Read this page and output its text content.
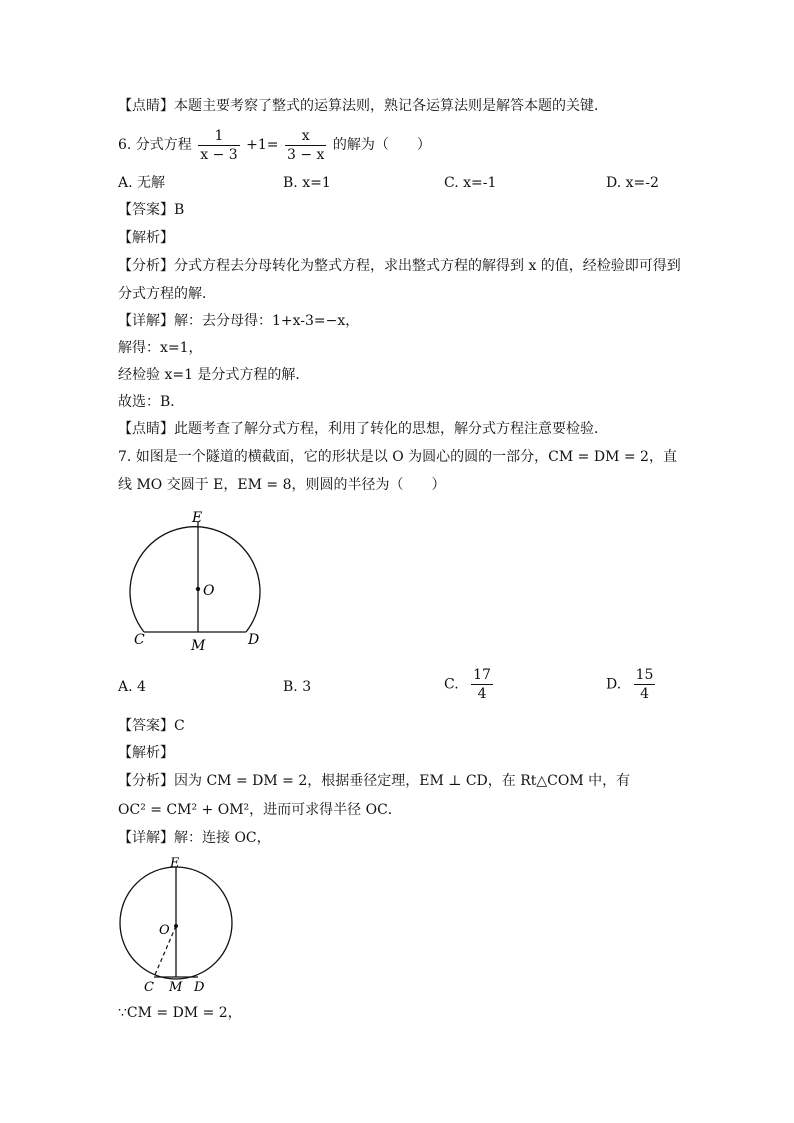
【点睛】本题主要考察了整式的运算法则，熟记各运算法则是解答本题的关键．
6. 分式方程 $\frac{1}{x - 3} +1= \frac{x}{3 - x}$ 的解为（　　）
A. 无解	B. x=1	C. x=-1	D. x=-2
【答案】B
【解析】
【分析】分式方程去分母转化为整式方程，求出整式方程的解得到 x 的值，经检验即可得到
分式方程的解．
【详解】解：去分母得：1+x-3=−x，
解得：x=1，
经检验 x=1 是分式方程的解．
故选：B．
【点睛】此题考查了解分式方程，利用了转化的思想，解分式方程注意要检验．
7. 如图是一个隧道的横截面，它的形状是以 O 为圆心的圆的一部分，CM = DM = 2，直
线 MO 交圆于 E，EM = 8，则圆的半径为（　　）
E
O
C	M	D
A. 4	B. 3	C. $\frac{17}{4}$	D. $\frac{15}{4}$
【答案】C
【解析】
【分析】因为 CM = DM = 2，根据垂径定理，EM ⊥ CD，在 Rt△COM 中，有
OC² = CM² + OM²，进而可求得半径 OC．
【详解】解：连接 OC，
E
O
C M D
∵CM = DM = 2，
